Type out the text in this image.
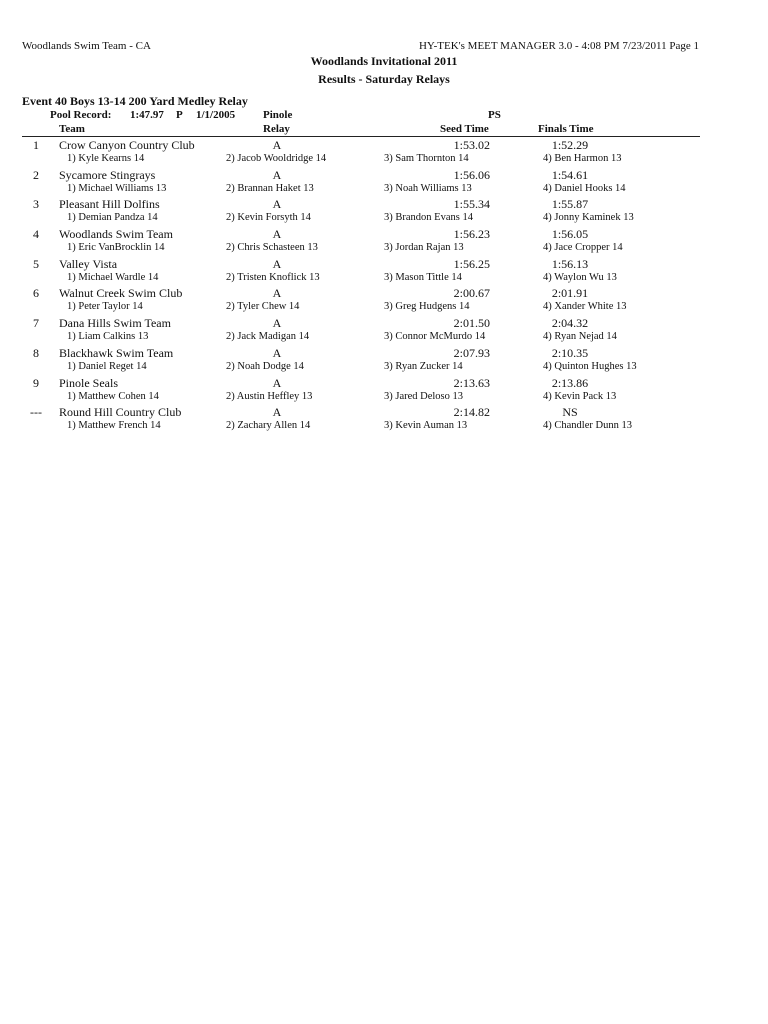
Woodlands Swim Team - CA	HY-TEK's MEET MANAGER 3.0 - 4:08 PM 7/23/2011 Page 1
Woodlands Invitational 2011
Results - Saturday Relays
Event 40 Boys 13-14 200 Yard Medley Relay
Pool Record: 1:47.97 P 1/1/2005	Pinole	PS
Team	Relay	Seed Time	Finals Time
1	Crow Canyon Country Club	A	1:53.02	1:52.29
1) Kyle Kearns 14	2) Jacob Wooldridge 14	3) Sam Thornton 14	4) Ben Harmon 13
2	Sycamore Stingrays	A	1:56.06	1:54.61
1) Michael Williams 13	2) Brannan Haket 13	3) Noah Williams 13	4) Daniel Hooks 14
3	Pleasant Hill Dolfins	A	1:55.34	1:55.87
1) Demian Pandza 14	2) Kevin Forsyth 14	3) Brandon Evans 14	4) Jonny Kaminek 13
4	Woodlands Swim Team	A	1:56.23	1:56.05
1) Eric VanBrocklin 14	2) Chris Schasteen 13	3) Jordan Rajan 13	4) Jace Cropper 14
5	Valley Vista	A	1:56.25	1:56.13
1) Michael Wardle 14	2) Tristen Knoflick 13	3) Mason Tittle 14	4) Waylon Wu 13
6	Walnut Creek Swim Club	A	2:00.67	2:01.91
1) Peter Taylor 14	2) Tyler Chew 14	3) Greg Hudgens 14	4) Xander White 13
7	Dana Hills Swim Team	A	2:01.50	2:04.32
1) Liam Calkins 13	2) Jack Madigan 14	3) Connor McMurdo 14	4) Ryan Nejad 14
8	Blackhawk Swim Team	A	2:07.93	2:10.35
1) Daniel Reget 14	2) Noah Dodge 14	3) Ryan Zucker 14	4) Quinton Hughes 13
9	Pinole Seals	A	2:13.63	2:13.86
1) Matthew Cohen 14	2) Austin Heffley 13	3) Jared Deloso 13	4) Kevin Pack 13
---	Round Hill Country Club	A	2:14.82	NS
1) Matthew French 14	2) Zachary Allen 14	3) Kevin Auman 13	4) Chandler Dunn 13
